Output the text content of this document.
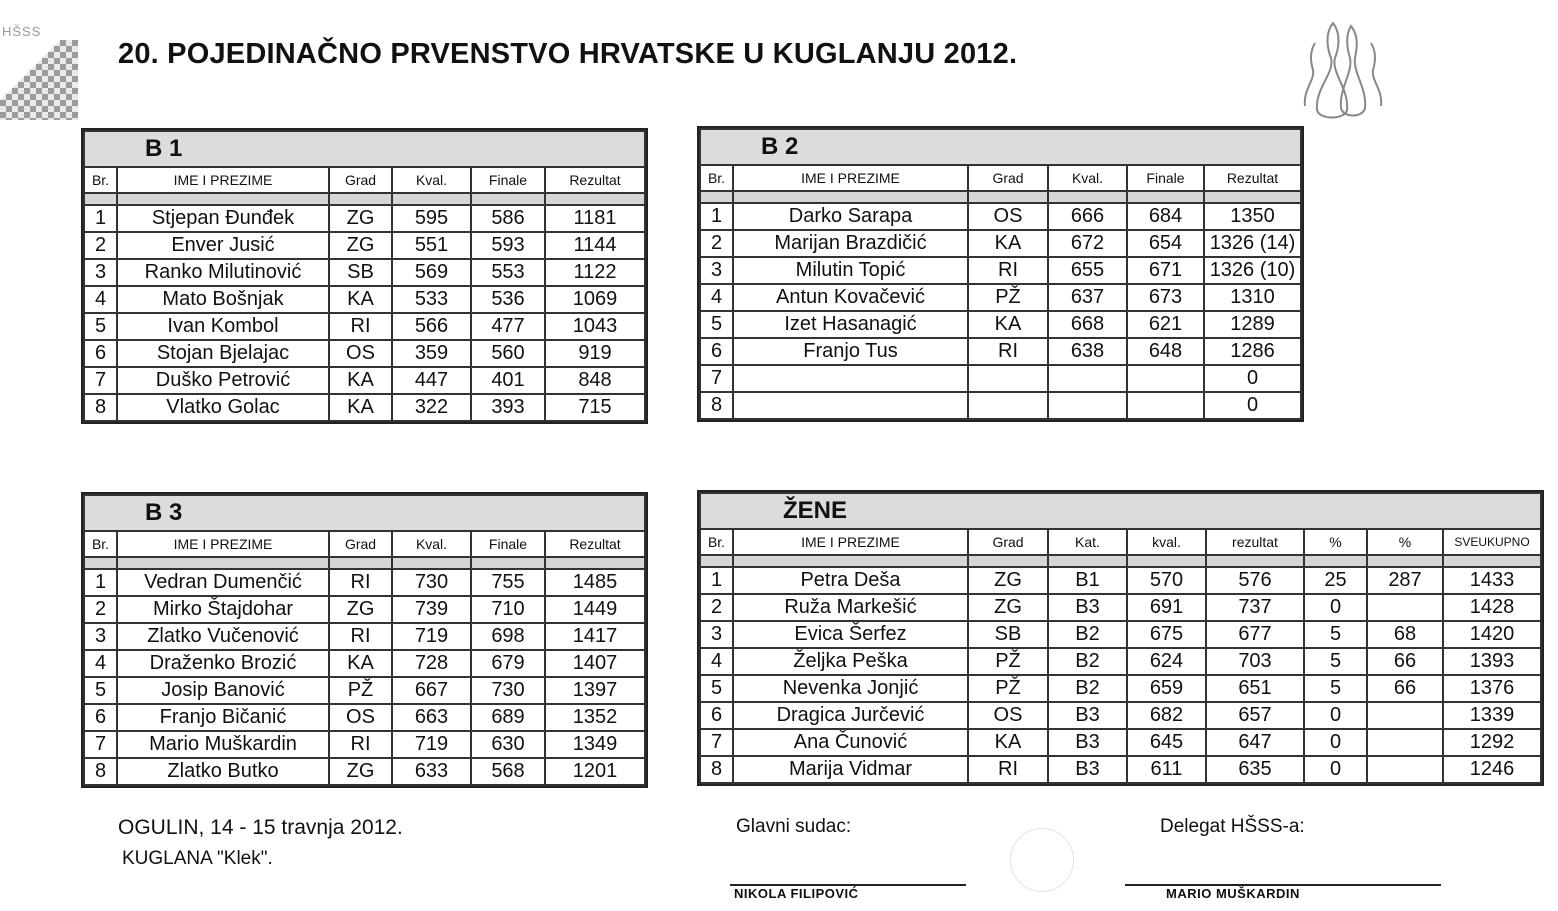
HŠSS
20. POJEDINAČNO PRVENSTVO HRVATSKE U KUGLANJU 2012.
B 1					
Br.	IME I PREZIME	Grad	Kval.	Finale	Rezultat

1	Stjepan Đunđek	ZG	595	586	1181
2	Enver Jusić	ZG	551	593	1144
3	Ranko Milutinović	SB	569	553	1122
4	Mato Bošnjak	KA	533	536	1069
5	Ivan Kombol	RI	566	477	1043
6	Stojan Bjelajac	OS	359	560	919
7	Duško Petrović	KA	447	401	848
8	Vlatko Golac	KA	322	393	715
B 2					
Br.	IME I PREZIME	Grad	Kval.	Finale	Rezultat

1	Darko Sarapa	OS	666	684	1350
2	Marijan Brazdičić	KA	672	654	1326 (14)
3	Milutin Topić	RI	655	671	1326 (10)
4	Antun Kovačević	PŽ	637	673	1310
5	Izet Hasanagić	KA	668	621	1289
6	Franjo Tus	RI	638	648	1286
7					0
8					0
B 3					
Br.	IME I PREZIME	Grad	Kval.	Finale	Rezultat

1	Vedran Dumenčić	RI	730	755	1485
2	Mirko Štajdohar	ZG	739	710	1449
3	Zlatko Vučenović	RI	719	698	1417
4	Draženko Brozić	KA	728	679	1407
5	Josip Banović	PŽ	667	730	1397
6	Franjo Bičanić	OS	663	689	1352
7	Mario Muškardin	RI	719	630	1349
8	Zlatko Butko	ZG	633	568	1201
ŽENE								
Br.	IME I PREZIME	Grad	Kat.	kval.	rezultat	%	%	SVEUKUPNO

1	Petra Deša	ZG	B1	570	576	25	287	1433
2	Ruža Markešić	ZG	B3	691	737	0		1428
3	Evica Šerfez	SB	B2	675	677	5	68	1420
4	Željka Peška	PŽ	B2	624	703	5	66	1393
5	Nevenka Jonjić	PŽ	B2	659	651	5	66	1376
6	Dragica Jurčević	OS	B3	682	657	0		1339
7	Ana Čunović	KA	B3	645	647	0		1292
8	Marija Vidmar	RI	B3	611	635	0		1246
OGULIN, 14 - 15 travnja 2012.
KUGLANA "Klek".
Glavni sudac:	Delegat HŠSS-a:
NIKOLA FILIPOVIĆ	MARIO MUŠKARDIN
